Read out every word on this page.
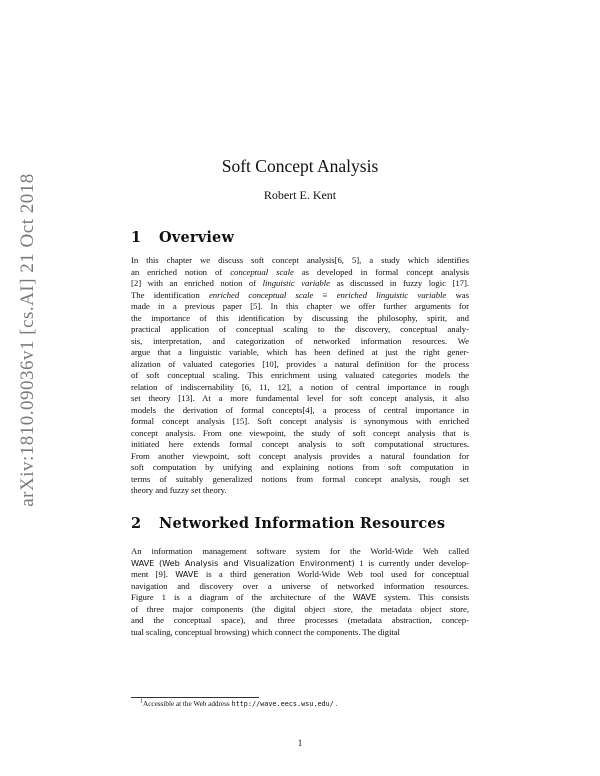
arXiv:1810.09036v1 [cs.AI] 21 Oct 2018
Soft Concept Analysis
Robert E. Kent
1 Overview
In this chapter we discuss soft concept analysis[6, 5], a study which identifies
an enriched notion of conceptual scale as developed in formal concept analysis
[2] with an enriched notion of linguistic variable as discussed in fuzzy logic [17].
The identification enriched conceptual scale ≡ enriched linguistic variable was
made in a previous paper [5]. In this chapter we offer further arguments for
the importance of this identification by discussing the philosophy, spirit, and
practical application of conceptual scaling to the discovery, conceptual analy-
sis, interpretation, and categorization of networked information resources. We
argue that a linguistic variable, which has been defined at just the right gener-
alization of valuated categories [10], provides a natural definition for the process
of soft conceptual scaling. This enrichment using valuated categories models the
relation of indiscernability [6, 11, 12], a notion of central importance in rough
set theory [13]. At a more fundamental level for soft concept analysis, it also
models the derivation of formal concepts[4], a process of central importance in
formal concept analysis [15]. Soft concept analysis is synonymous with enriched
concept analysis. From one viewpoint, the study of soft concept analysis that is
initiated here extends formal concept analysis to soft computational structures.
From another viewpoint, soft concept analysis provides a natural foundation for
soft computation by unifying and explaining notions from soft computation in
terms of suitably generalized notions from formal concept analysis, rough set
theory and fuzzy set theory.
2 Networked Information Resources
An information management software system for the World-Wide Web called
WAVE (Web Analysis and Visualization Environment) 1 is currently under develop-
ment [9]. WAVE is a third generation World-Wide Web tool used for conceptual
navigation and discovery over a universe of networked information resources.
Figure 1 is a diagram of the architecture of the WAVE system. This consists
of three major components (the digital object store, the metadata object store,
and the conceptual space), and three processes (metadata abstraction, concep-
tual scaling, conceptual browsing) which connect the components. The digital
$^1$Accessible at the Web address http://wave.eecs.wsu.edu/ .
1
